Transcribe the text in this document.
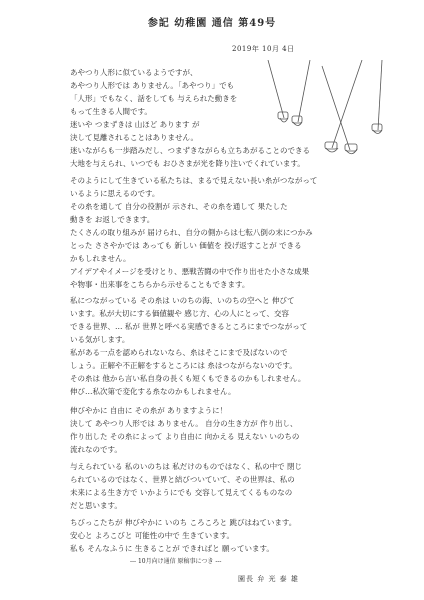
参記 幼稚園 通信 第49号
2019年 10月 4日

あやつり人形に似ているようですが、
あやつり人形では ありません。「あやつり」でも
「人形」でもなく、話をしても 与えられた動きを
もって生きる人間です。
迷いや つまずきは 山ほど あります が
決して見離されることはありません。
迷いながらも一歩踏みだし、つまずきながらも立ちあがることのできる
大地を与えられ、いつでも おひさまが光を降り注いでくれています。

そのようにして生きている私たちは、まるで見えない長い糸がつながって
いるように思えるのです。
その糸を通して 自分の役割が 示され、その糸を通して 果たした
動きを お返しできます。
たくさんの取り組みが 届けられ、自分の側からは七転八倒の末につかみ
とった ささやかでは あっても 新しい 価値を 投げ返すことが できる
かもしれません。
アイデアやイメージを受けとり、悪戦苦闘の中で作り出せた小さな成果
や物事・出来事をこちらから示せることもできます。

私につながっている その糸は いのちの海、いのちの空へと 伸びて
います。私が大切にする価値観や 感じ方、心の人にとって、交容
できる世界、… 私が 世界と呼べる実感できるところにまでつながって
いる気がします。
私がある一点を認められないなら、糸はそこにまで及ばないので
しょう。正解や不正解をするところには 糸はつながらないのです。
その糸は 他から言い私自身の長くも短くもできるのかもしれません。
伸び…私次第で変化する糸なのかもしれません。

伸びやかに 自由に その糸が ありますように！
決して あやつり人形では ありません。 自分の生き方が 作り出し、
作り出した その糸によって より自由に 向かえる 見えない いのちの
流れなのです。

与えられている 私のいのちは 私だけのものではなく、私の中で 閉じ
られているのではなく、世界と結びついていて、その世界は、私の
未来による生き方で いかようにでも 交容して見えてくるものなの
だと思います。

ちびっこたちが 伸びやかに いのち ころころと 跳びはねています。
安心と よろこびと 可能性の中で 生きています。
私も そんなふうに 生きることが できればと 願っています。

--- 10月向け通信 原稿事につき ---
園長 弁 光 泰 雄
